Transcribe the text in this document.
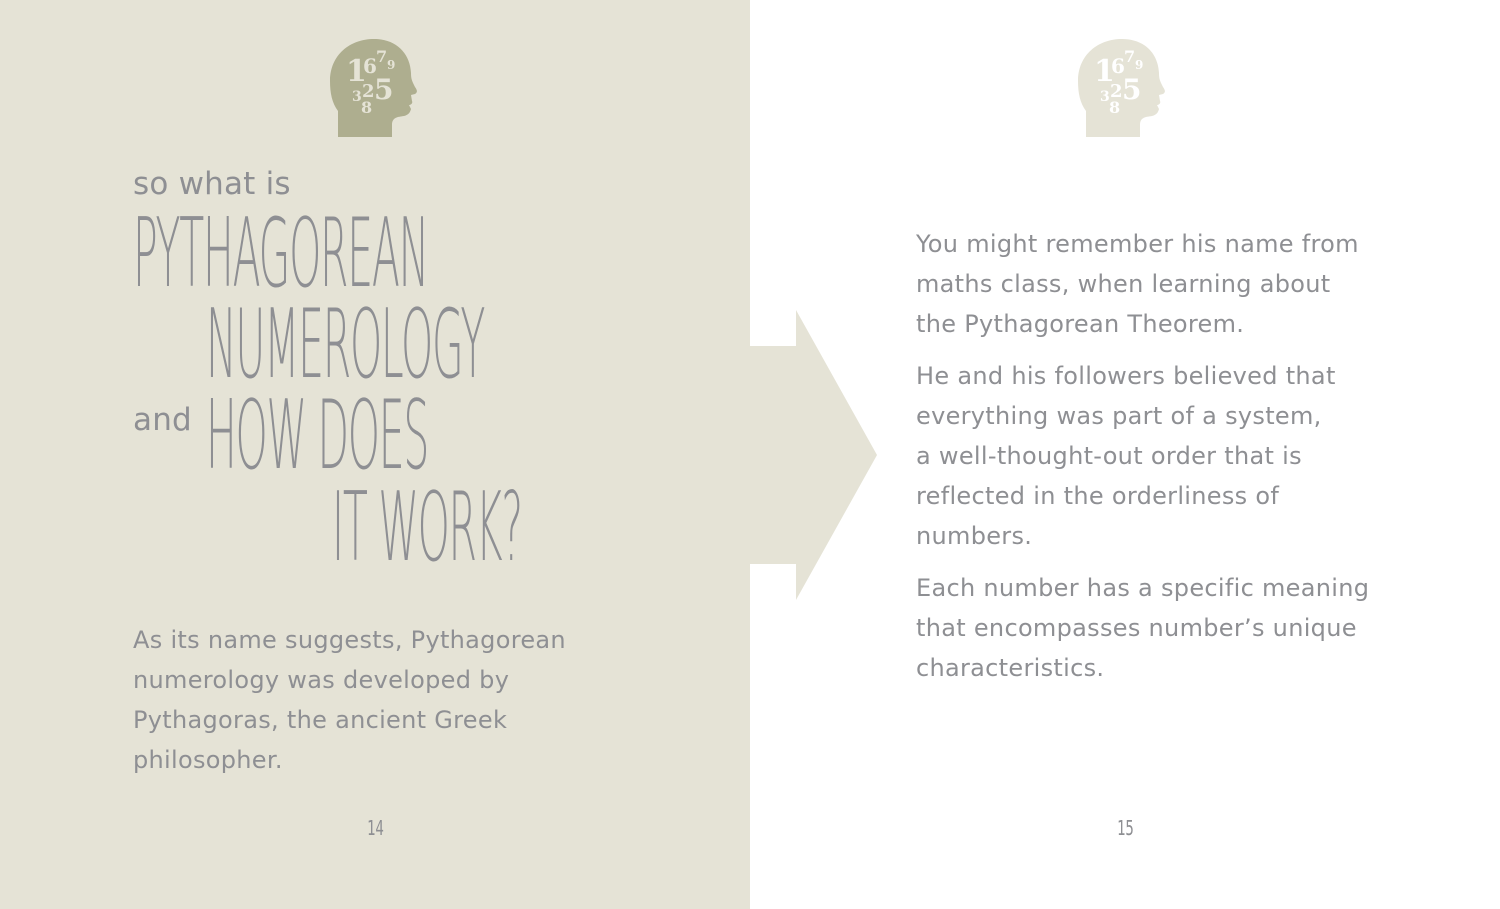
1
6 7 9
3 2 5
8
1
6 7 9
3 2 5
8
so what is
PYTHAGOREAN
NUMEROLOGY
and HOW DOES
IT WORK?

As its name suggests, Pythagorean
numerology was developed by
Pythagoras, the ancient Greek
philosopher.

You might remember his name from
maths class, when learning about
the Pythagorean Theorem.

He and his followers believed that
everything was part of a system,
a well-thought-out order that is
reflected in the orderliness of
numbers.

Each number has a specific meaning
that encompasses number’s unique
characteristics.

14	15
